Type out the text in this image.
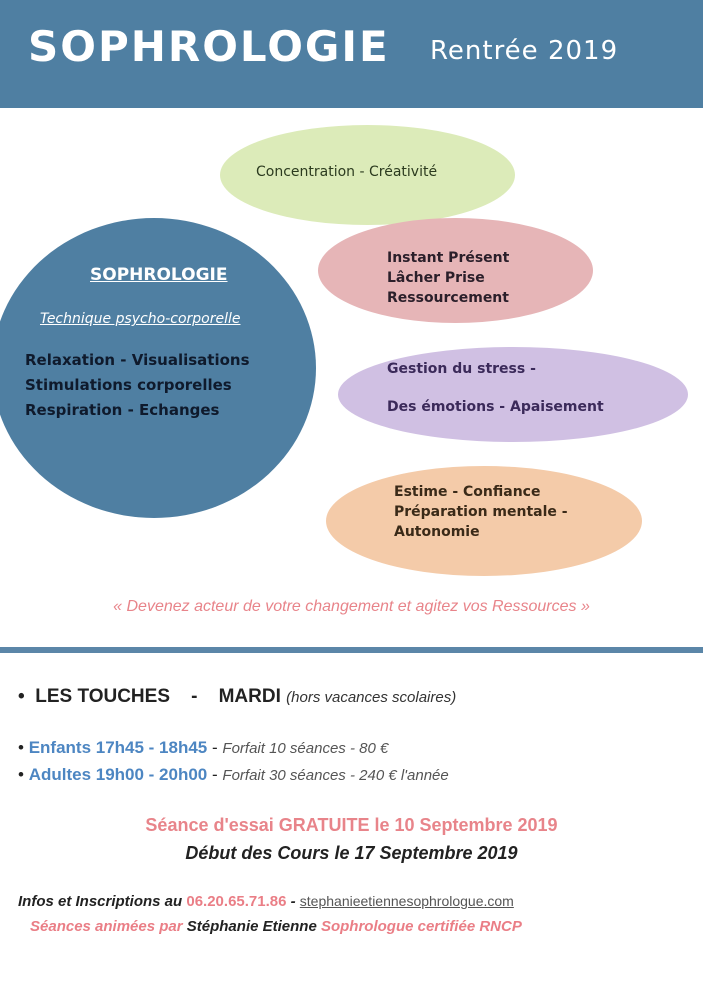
SOPHROLOGIE Rentrée 2019
SOPHROLOGIE
Technique psycho-corporelle
Relaxation - Visualisations
Stimulations corporelles
Respiration - Echanges
Concentration - Créativité
Instant Présent
Lâcher Prise
Ressourcement
Gestion du stress -
Des émotions - Apaisement
Estime - Confiance
Préparation mentale -
Autonomie
« Devenez acteur de votre changement et agitez vos Ressources »
• LES TOUCHES - MARDI (hors vacances scolaires)
• Enfants 17h45 - 18h45 - Forfait 10 séances - 80 €
• Adultes 19h00 - 20h00 - Forfait 30 séances - 240 € l'année
Séance d'essai GRATUITE le 10 Septembre 2019
Début des Cours le 17 Septembre 2019
Infos et Inscriptions au 06.20.65.71.86 - stephanieetiennesophrologue.com
Séances animées par Stéphanie Etienne Sophrologue certifiée RNCP
